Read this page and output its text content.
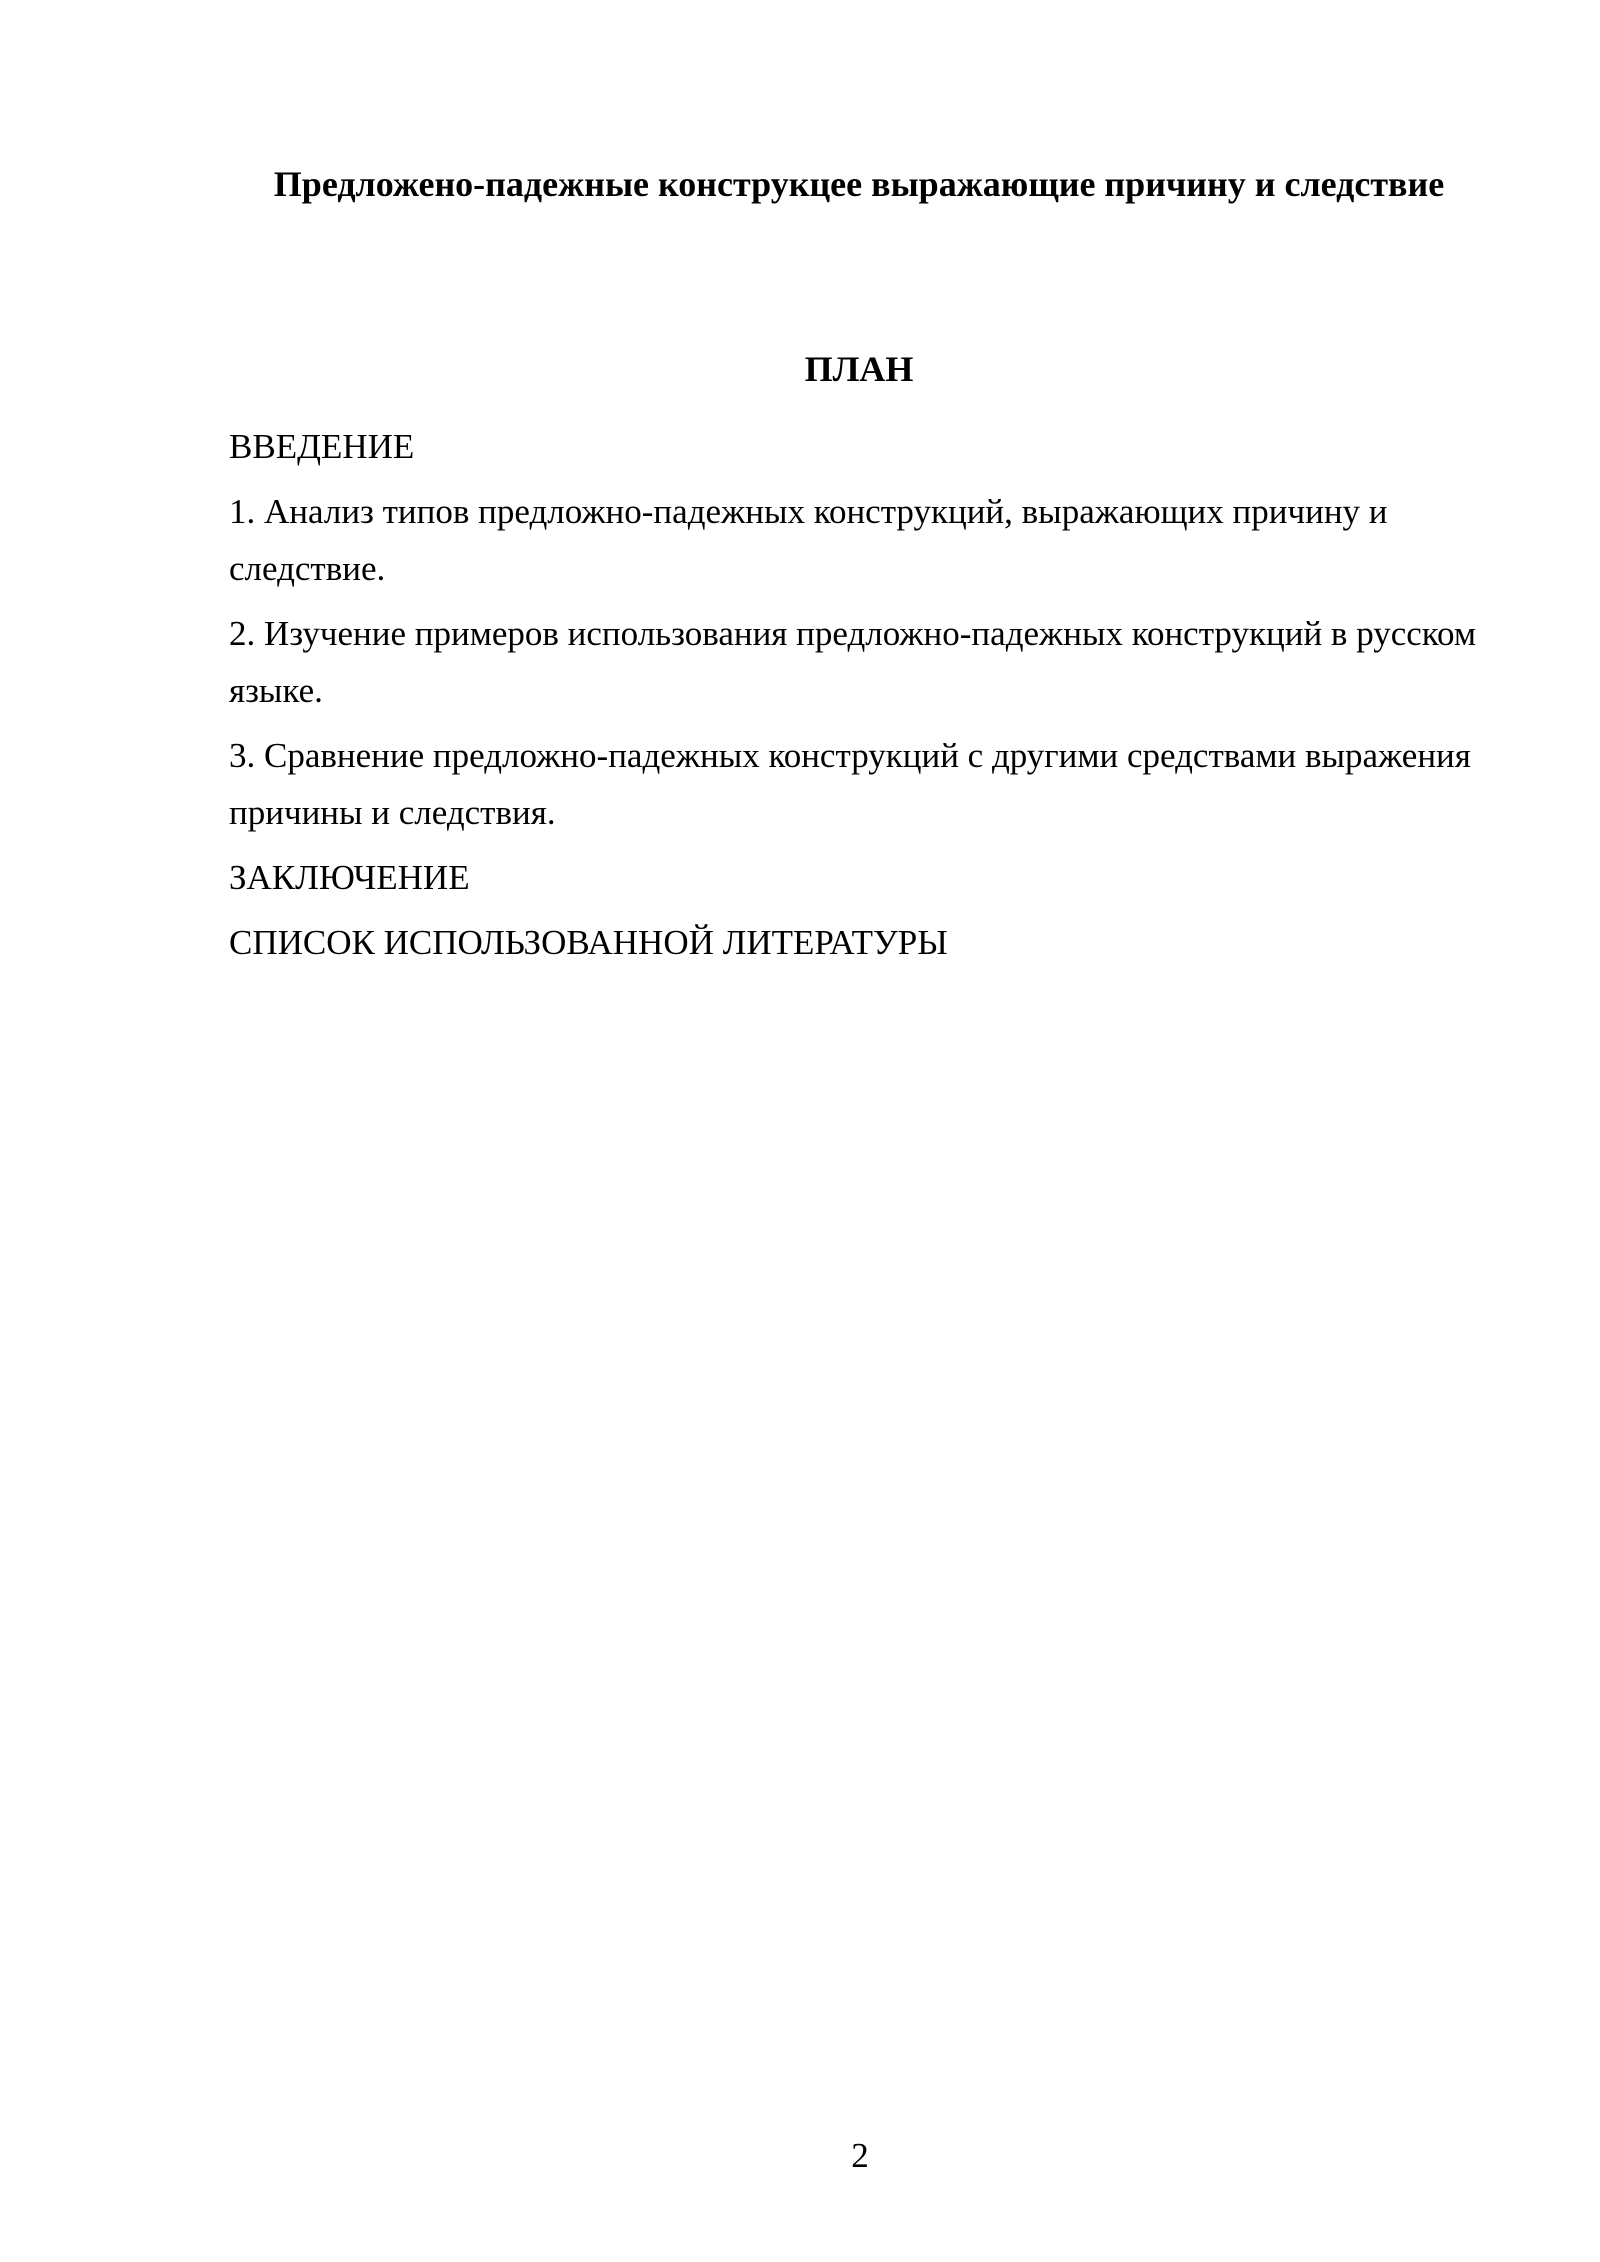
Предложено-падежные конструкцее выражающие причину и следствие
ПЛАН
ВВЕДЕНИЕ
1. Анализ типов предложно-падежных конструкций, выражающих причину и следствие.
2. Изучение примеров использования предложно-падежных конструкций в русском языке.
3. Сравнение предложно-падежных конструкций с другими средствами выражения причины и следствия.
ЗАКЛЮЧЕНИЕ
СПИСОК ИСПОЛЬЗОВАННОЙ ЛИТЕРАТУРЫ
2
